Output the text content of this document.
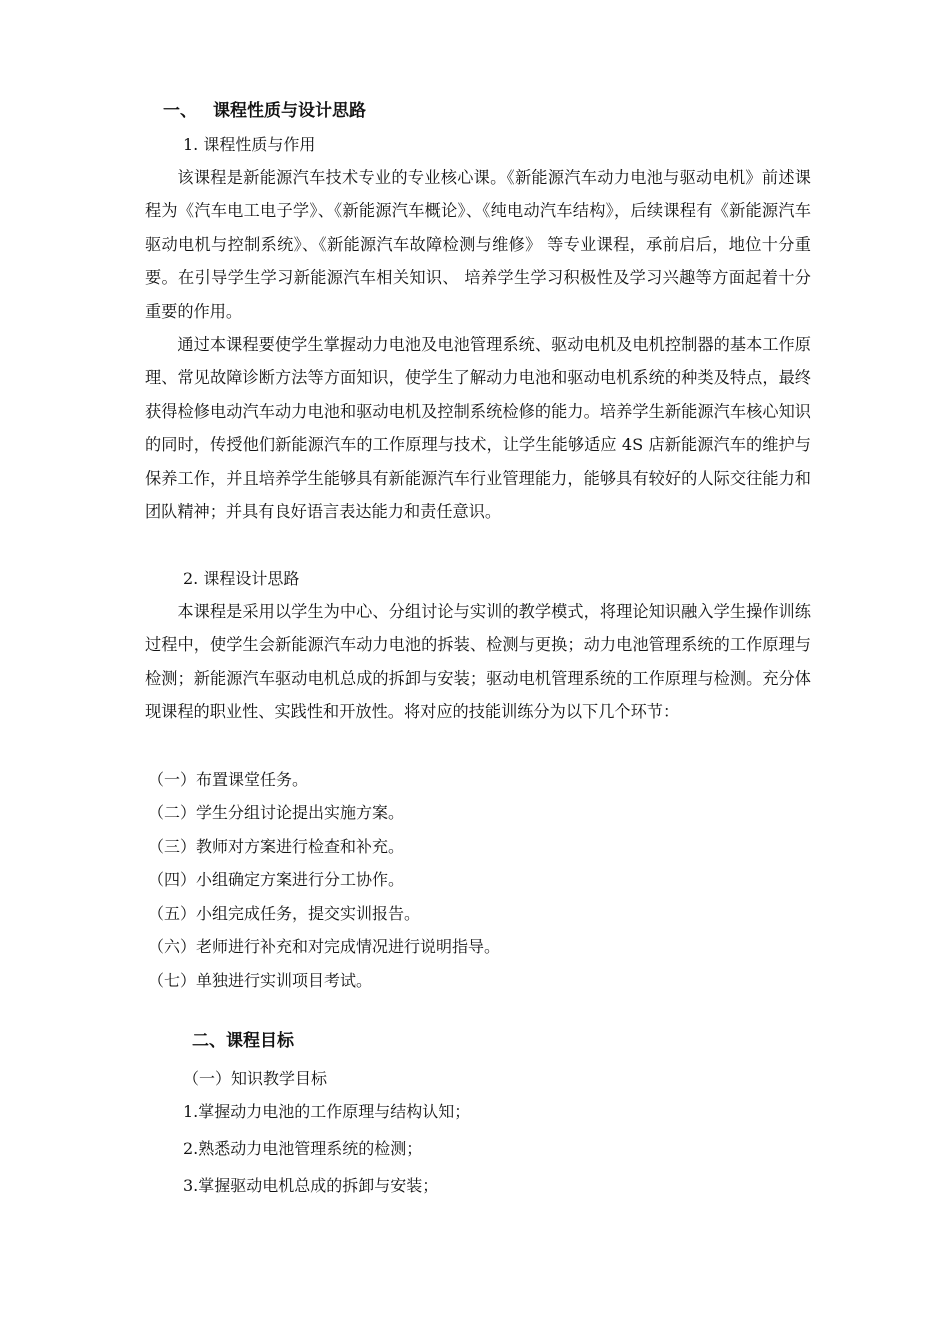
一、 课程性质与设计思路
1. 课程性质与作用

该课程是新能源汽车技术专业的专业核心课。《新能源汽车动力电池与驱动电机》前述课程为《汽车电工电子学》、《新能源汽车概论》、《纯电动汽车结构》，后续课程有《新能源汽车驱动电机与控制系统》、《新能源汽车故障检测与维修》 等专业课程，承前启后，地位十分重要。在引导学生学习新能源汽车相关知识、 培养学生学习积极性及学习兴趣等方面起着十分重要的作用。

通过本课程要使学生掌握动力电池及电池管理系统、驱动电机及电机控制器的基本工作原理、常见故障诊断方法等方面知识，使学生了解动力电池和驱动电机系统的种类及特点，最终获得检修电动汽车动力电池和驱动电机及控制系统检修的能力。培养学生新能源汽车核心知识的同时，传授他们新能源汽车的工作原理与技术，让学生能够适应 4S 店新能源汽车的维护与保养工作，并且培养学生能够具有新能源汽车行业管理能力，能够具有较好的人际交往能力和团队精神；并具有良好语言表达能力和责任意识。

2. 课程设计思路

本课程是采用以学生为中心、分组讨论与实训的教学模式，将理论知识融入学生操作训练过程中，使学生会新能源汽车动力电池的拆装、检测与更换；动力电池管理系统的工作原理与检测；新能源汽车驱动电机总成的拆卸与安装；驱动电机管理系统的工作原理与检测。充分体现课程的职业性、实践性和开放性。将对应的技能训练分为以下几个环节：

（一）布置课堂任务。
（二）学生分组讨论提出实施方案。
（三）教师对方案进行检查和补充。
（四）小组确定方案进行分工协作。
（五）小组完成任务，提交实训报告。
（六）老师进行补充和对完成情况进行说明指导。
（七）单独进行实训项目考试。
二、课程目标
（一）知识教学目标
1.掌握动力电池的工作原理与结构认知；
2.熟悉动力电池管理系统的检测；
3.掌握驱动电机总成的拆卸与安装；
